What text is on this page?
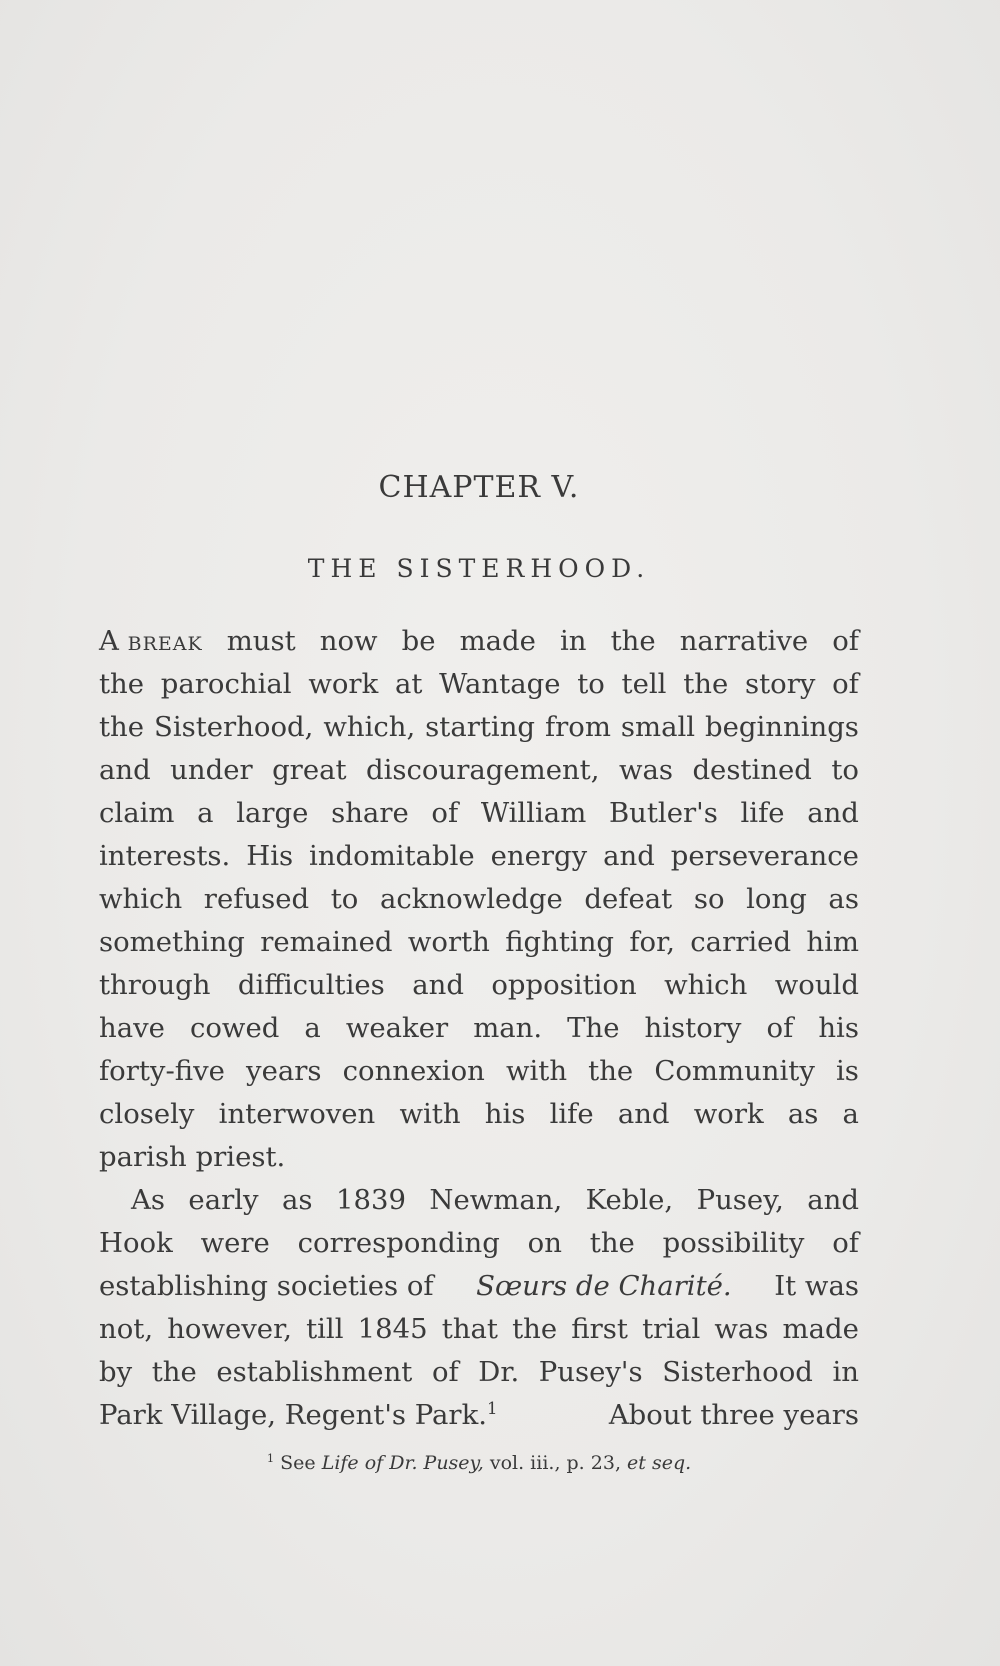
CHAPTER V.
THE SISTERHOOD.
A break must now be made in the narrative of
the parochial work at Wantage to tell the story of
the Sisterhood, which, starting from small beginnings
and under great discouragement, was destined to
claim a large share of William Butler's life and
interests. His indomitable energy and perseverance
which refused to acknowledge defeat so long as
something remained worth fighting for, carried him
through difficulties and opposition which would
have cowed a weaker man. The history of his
forty-five years connexion with the Community is
closely interwoven with his life and work as a
parish priest.
As early as 1839 Newman, Keble, Pusey, and
Hook were corresponding on the possibility of
establishing societies of Sœurs de Charité. It was
not, however, till 1845 that the first trial was made
by the establishment of Dr. Pusey's Sisterhood in
Park Village, Regent's Park.$^1$	About three years
$^1$ See Life of Dr. Pusey, vol. iii., p. 23, et seq.
